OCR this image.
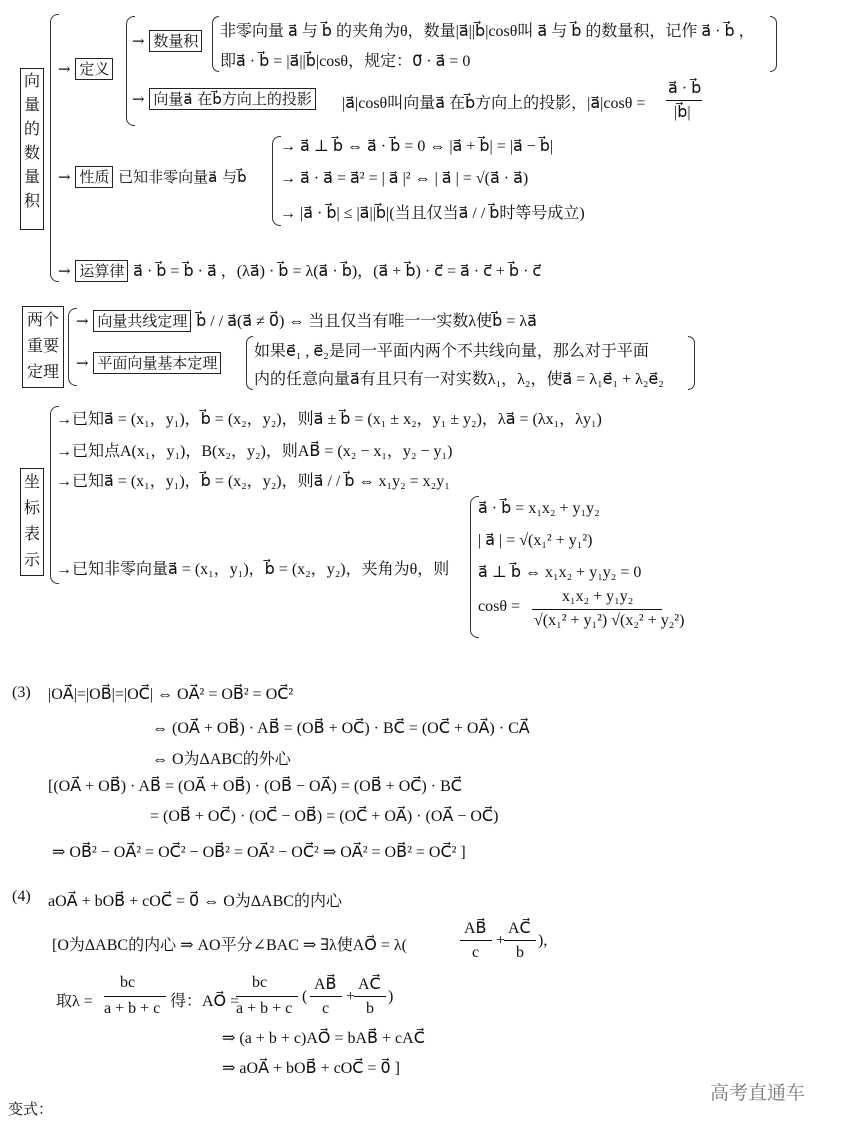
向
量
的
数
量
积
→ 定义
→ 数量积
非零向量 a⃗ 与 b⃗ 的夹角为θ，数量|a⃗||b⃗|cosθ叫 a⃗ 与 b⃗ 的数量积，记作 a⃗ · b⃗ ，
即a⃗ · b⃗ = |a⃗||b⃗|cosθ，规定：0⃗ · a⃗ = 0
→ 向量a⃗ 在b⃗方向上的投影 |a⃗|cosθ叫向量a⃗ 在b⃗方向上的投影，|a⃗|cosθ =
a⃗ · b⃗
|b⃗|
→ 性质 已知非零向量a⃗ 与b⃗
→ a⃗ ⊥ b⃗ ⇔ a⃗ · b⃗ = 0 ⇔ |a⃗ + b⃗| = |a⃗ − b⃗|
→ a⃗ · a⃗ = a⃗² = | a⃗ |² ⇔ | a⃗ | = √(a⃗ · a⃗)
→ |a⃗ · b⃗| ≤ |a⃗||b⃗|(当且仅当a⃗ / / b⃗时等号成立)
→ 运算律 a⃗ · b⃗ = b⃗ · a⃗ ，(λa⃗) · b⃗ = λ(a⃗ · b⃗)，(a⃗ + b⃗) · c⃗ = a⃗ · c⃗ + b⃗ · c⃗
两个
重要
定理
→ 向量共线定理 b⃗ / / a⃗(a⃗ ≠ 0⃗) ⇔ 当且仅当有唯一一实数λ使b⃗ = λa⃗
→ 平面向量基本定理
如果e⃗₁ , e⃗₂是同一平面内两个不共线向量，那么对于平面
内的任意向量a⃗有且只有一对实数λ₁，λ₂，使a⃗ = λ₁e⃗₁ + λ₂e⃗₂
坐
标
表
示
→已知a⃗ = (x₁，y₁)，b⃗ = (x₂，y₂)，则a⃗ ± b⃗ = (x₁ ± x₂，y₁ ± y₂)，λa⃗ = (λx₁，λy₁)
→已知点A(x₁，y₁)，B(x₂，y₂)，则AB⃗ = (x₂ − x₁，y₂ − y₁)
→已知a⃗ = (x₁，y₁)，b⃗ = (x₂，y₂)，则a⃗ / / b⃗ ⇔ x₁y₂ = x₂y₁
→已知非零向量a⃗ = (x₁，y₁)，b⃗ = (x₂，y₂)，夹角为θ，则
a⃗ · b⃗ = x₁x₂ + y₁y₂
| a⃗ | = √(x₁² + y₁²)
a⃗ ⊥ b⃗ ⇔ x₁x₂ + y₁y₂ = 0
cosθ =
x₁x₂ + y₁y₂
√(x₁² + y₁²) √(x₂² + y₂²)
(3) |OA⃗|=|OB⃗|=|OC⃗| ⇔ OA⃗² = OB⃗² = OC⃗²
⇔ (OA⃗ + OB⃗) · AB⃗ = (OB⃗ + OC⃗) · BC⃗ = (OC⃗ + OA⃗) · CA⃗
⇔ O为ΔABC的外心
[(OA⃗ + OB⃗) · AB⃗ = (OA⃗ + OB⃗) · (OB⃗ − OA⃗) = (OB⃗ + OC⃗) · BC⃗
= (OB⃗ + OC⃗) · (OC⃗ − OB⃗) = (OC⃗ + OA⃗) · (OA⃗ − OC⃗)
⇒ OB⃗² − OA⃗² = OC⃗² − OB⃗² = OA⃗² − OC⃗² ⇒ OA⃗² = OB⃗² = OC⃗² ]
(4) aOA⃗ + bOB⃗ + cOC⃗ = 0⃗ ⇔ O为ΔABC的内心
[O为ΔABC的内心 ⇒ AO平分∠BAC ⇒ ∃λ使AO⃗ = λ(
AB⃗
c
+
AC⃗
b
),
取λ =
bc
a + b + c 得：AO⃗ =
bc
a + b + c
(
AB⃗
c
+
AC⃗
b
)
⇒ (a + b + c)AO⃗ = bAB⃗ + cAC⃗
⇒ aOA⃗ + bOB⃗ + cOC⃗ = 0⃗ ]
变式：
高考直通车
